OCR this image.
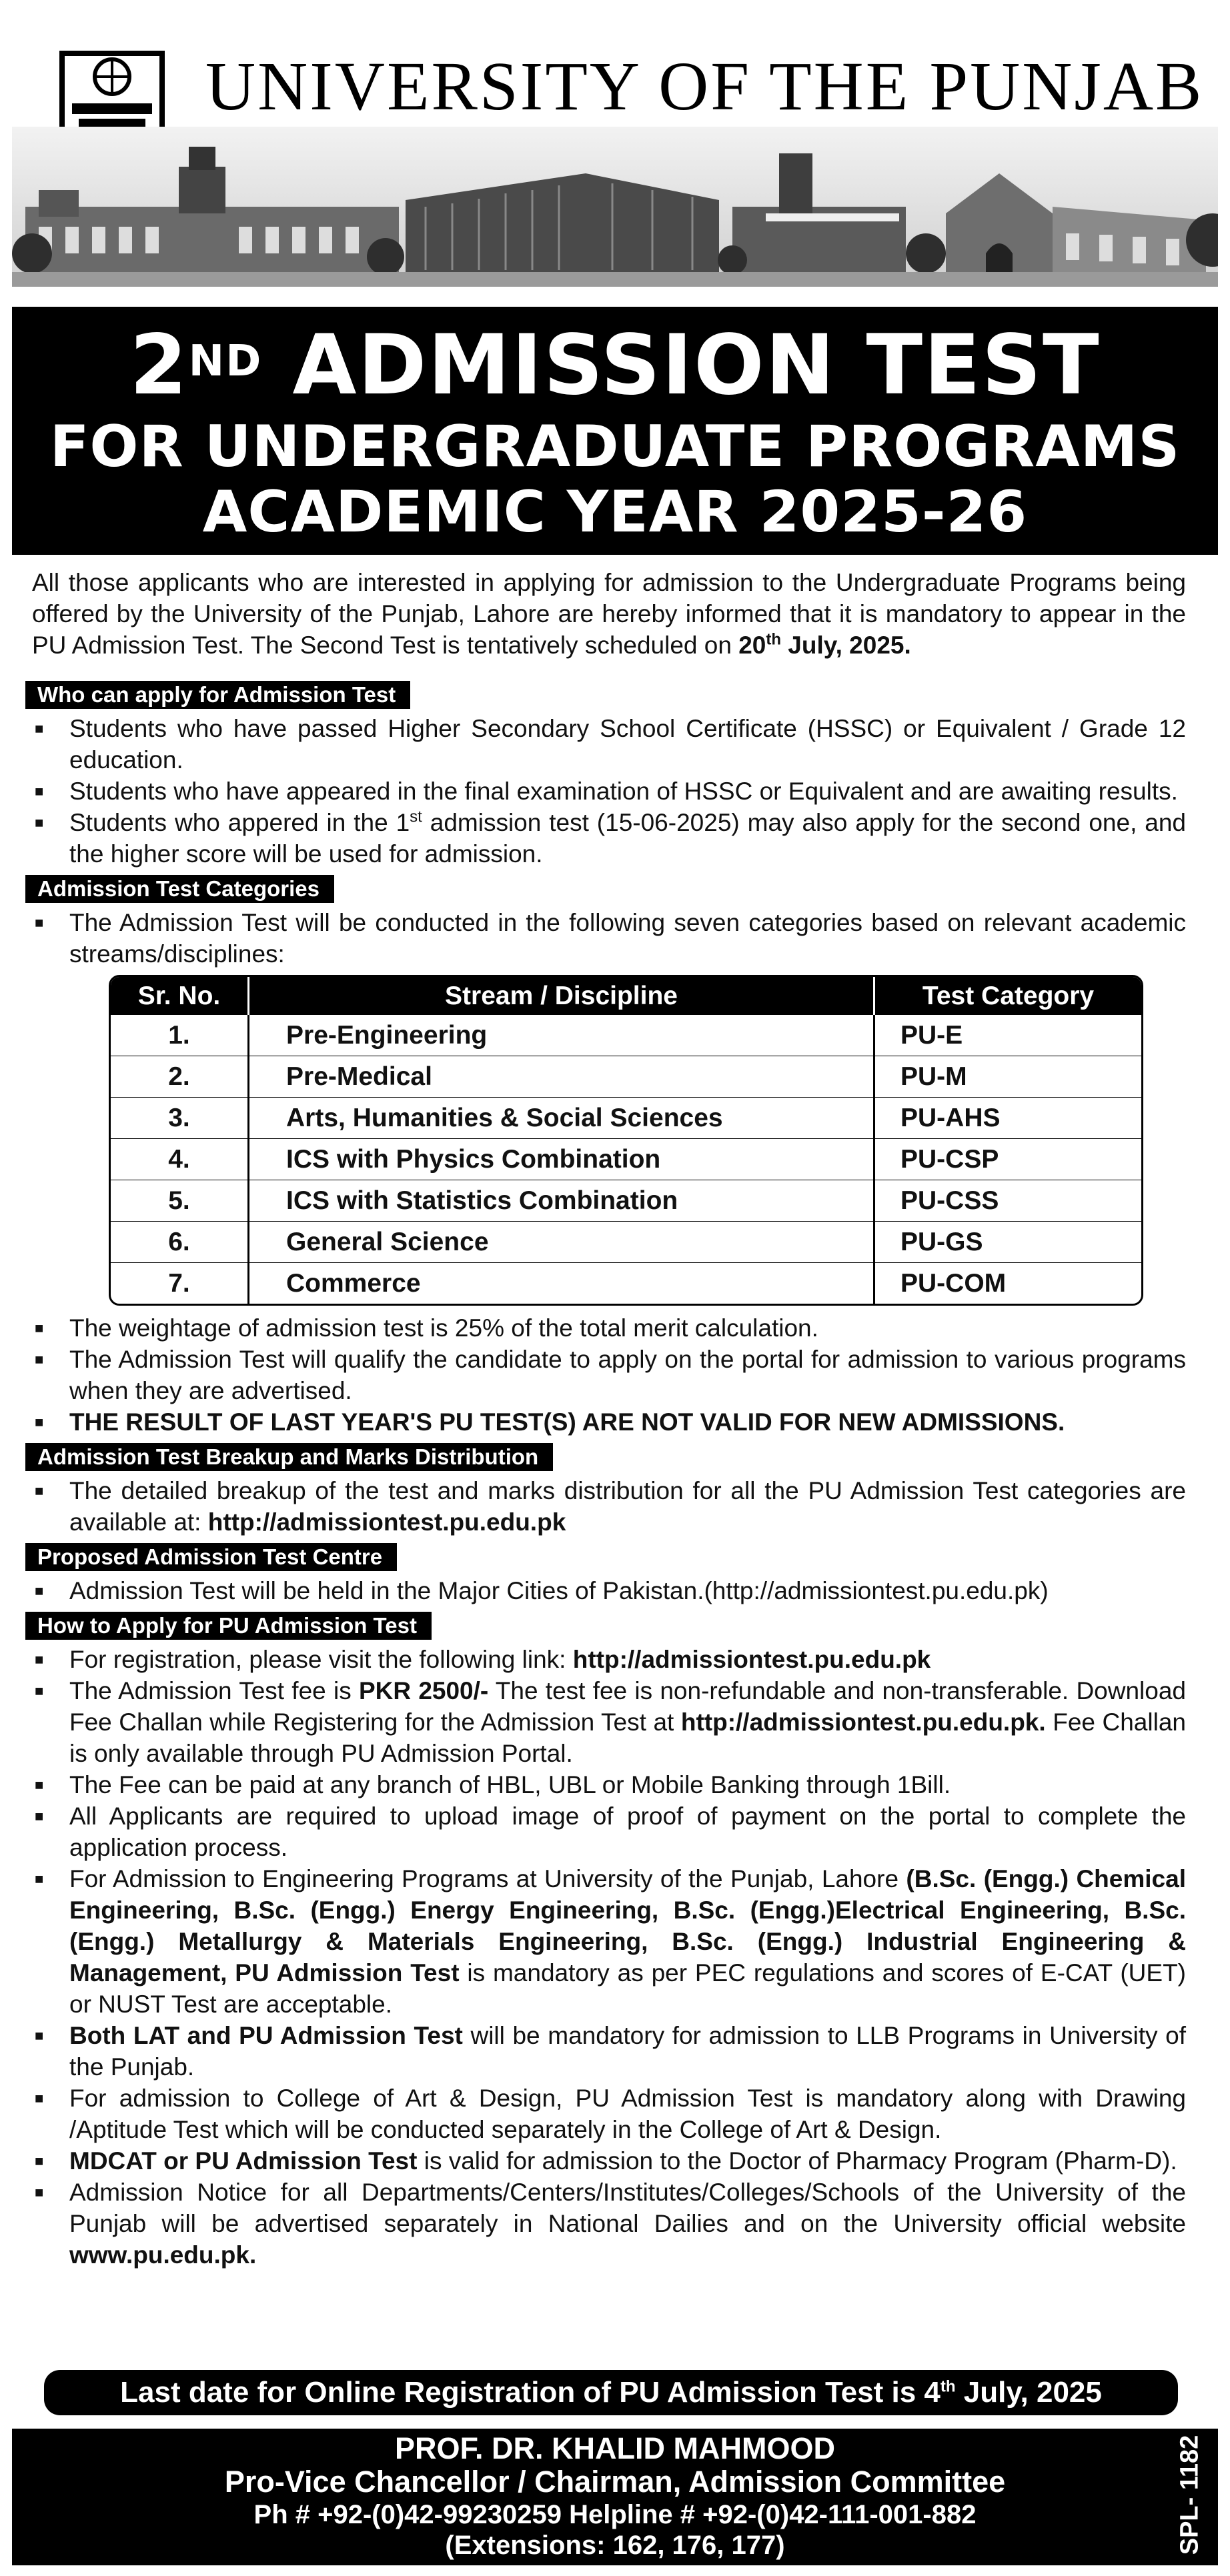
UNIVERSITY OF THE PUNJAB
2ND ADMISSION TEST
FOR UNDERGRADUATE PROGRAMS
ACADEMIC YEAR 2025-26

All those applicants who are interested in applying for admission to the Undergraduate Programs being offered by the University of the Punjab, Lahore are hereby informed that it is mandatory to appear in the PU Admission Test. The Second Test is tentatively scheduled on 20th July, 2025.

Who can apply for Admission Test
■ Students who have passed Higher Secondary School Certificate (HSSC) or Equivalent / Grade 12 education.
■ Students who have appeared in the final examination of HSSC or Equivalent and are awaiting results.
■ Students who appered in the 1st admission test (15-06-2025) may also apply for the second one, and the higher score will be used for admission.
Admission Test Categories
■ The Admission Test will be conducted in the following seven categories based on relevant academic streams/disciplines:
Sr. No.	Stream / Discipline	Test Category
1.	Pre-Engineering	PU-E
2.	Pre-Medical	PU-M
3.	Arts, Humanities & Social Sciences	PU-AHS
4.	ICS with Physics Combination	PU-CSP
5.	ICS with Statistics Combination	PU-CSS
6.	General Science	PU-GS
7.	Commerce	PU-COM
■ The weightage of admission test is 25% of the total merit calculation.
■ The Admission Test will qualify the candidate to apply on the portal for admission to various programs when they are advertised.
■ THE RESULT OF LAST YEAR'S PU TEST(S) ARE NOT VALID FOR NEW ADMISSIONS.
Admission Test Breakup and Marks Distribution
■ The detailed breakup of the test and marks distribution for all the PU Admission Test categories are available at: http://admissiontest.pu.edu.pk
Proposed Admission Test Centre
■ Admission Test will be held in the Major Cities of Pakistan.(http://admissiontest.pu.edu.pk)
How to Apply for PU Admission Test
■ For registration, please visit the following link: http://admissiontest.pu.edu.pk
■ The Admission Test fee is PKR 2500/- The test fee is non-refundable and non-transferable. Download Fee Challan while Registering for the Admission Test at http://admissiontest.pu.edu.pk. Fee Challan is only available through PU Admission Portal.
■ The Fee can be paid at any branch of HBL, UBL or Mobile Banking through 1Bill.
■ All Applicants are required to upload image of proof of payment on the portal to complete the application process.
■ For Admission to Engineering Programs at University of the Punjab, Lahore (B.Sc. (Engg.) Chemical Engineering, B.Sc. (Engg.) Energy Engineering, B.Sc. (Engg.)Electrical Engineering, B.Sc. (Engg.) Metallurgy & Materials Engineering, B.Sc. (Engg.) Industrial Engineering & Management, PU Admission Test is mandatory as per PEC regulations and scores of E-CAT (UET) or NUST Test are acceptable.
■ Both LAT and PU Admission Test will be mandatory for admission to LLB Programs in University of the Punjab.
■ For admission to College of Art & Design, PU Admission Test is mandatory along with Drawing /Aptitude Test which will be conducted separately in the College of Art & Design.
■ MDCAT or PU Admission Test is valid for admission to the Doctor of Pharmacy Program (Pharm-D).
■ Admission Notice for all Departments/Centers/Institutes/Colleges/Schools of the University of the Punjab will be advertised separately in National Dailies and on the University official website www.pu.edu.pk.
Last date for Online Registration of PU Admission Test is 4th July, 2025
PROF. DR. KHALID MAHMOOD
Pro-Vice Chancellor / Chairman, Admission Committee
Ph # +92-(0)42-99230259 Helpline # +92-(0)42-111-001-882
(Extensions: 162, 176, 177)	SPL- 1182
